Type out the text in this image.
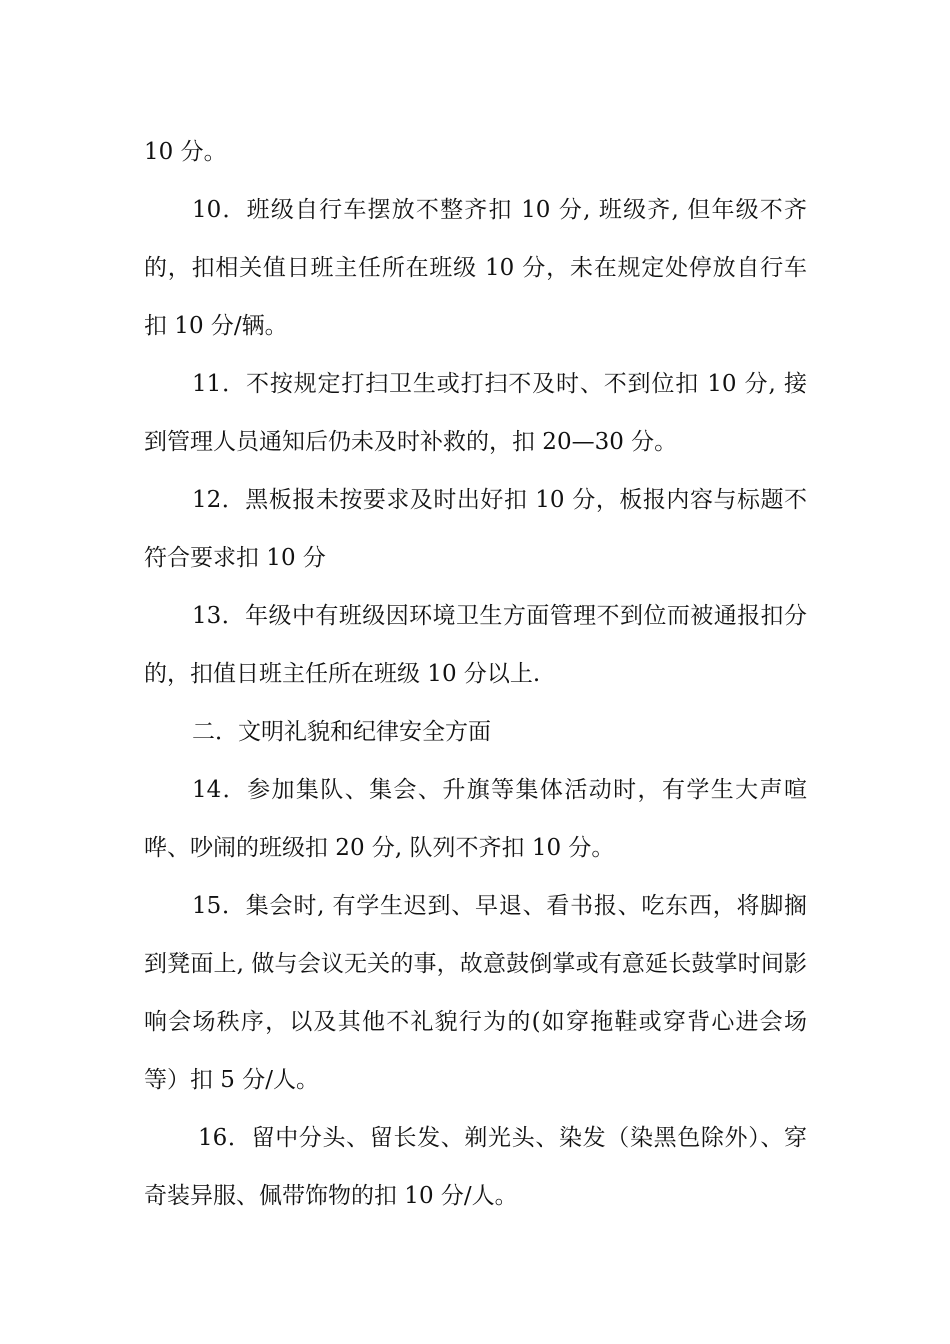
10 分。

10．班级自行车摆放不整齐扣 10 分, 班级齐, 但年级不齐的，扣相关值日班主任所在班级 10 分，未在规定处停放自行车扣 10 分/辆。

11．不按规定打扫卫生或打扫不及时、不到位扣 10 分, 接到管理人员通知后仍未及时补救的，扣 20—30 分。

12．黑板报未按要求及时出好扣 10 分，板报内容与标题不符合要求扣 10 分

13．年级中有班级因环境卫生方面管理不到位而被通报扣分的，扣值日班主任所在班级 10 分以上.

二．文明礼貌和纪律安全方面

14．参加集队、集会、升旗等集体活动时，有学生大声喧哗、吵闹的班级扣 20 分, 队列不齐扣 10 分。

15．集会时, 有学生迟到、早退、看书报、吃东西，将脚搁到凳面上, 做与会议无关的事，故意鼓倒掌或有意延长鼓掌时间影响会场秩序，以及其他不礼貌行为的(如穿拖鞋或穿背心进会场等）扣 5 分/人。

16．留中分头、留长发、剃光头、染发（染黑色除外）、穿奇装异服、佩带饰物的扣 10 分/人。
